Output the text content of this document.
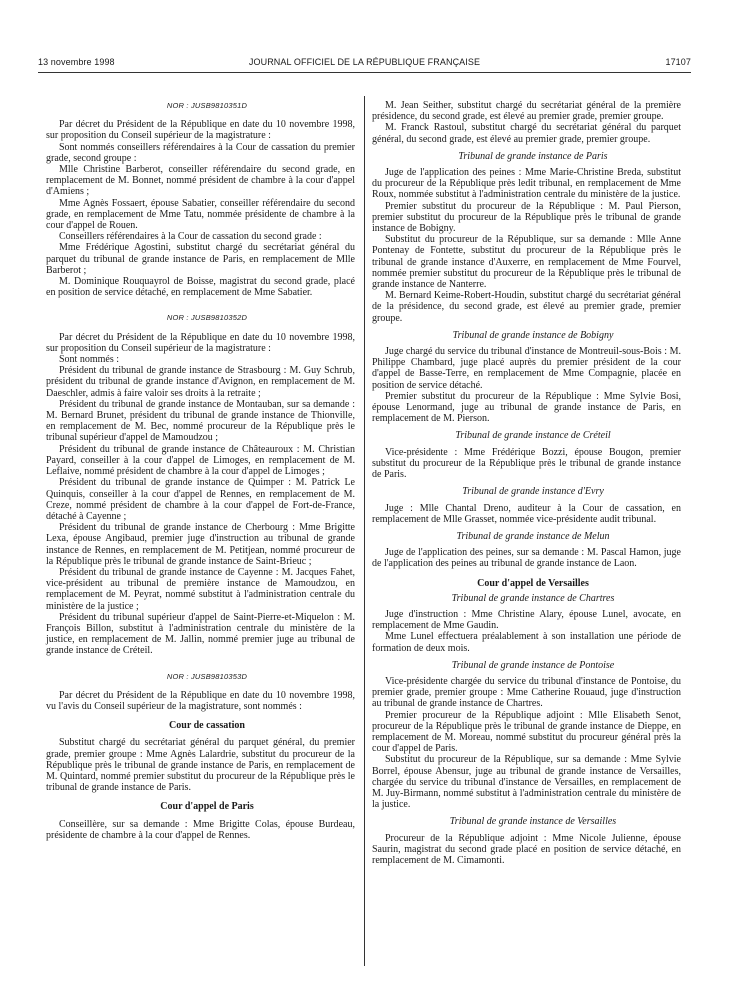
13 novembre 1998	JOURNAL OFFICIEL DE LA RÉPUBLIQUE FRANÇAISE	17107

NOR : JUSB9810351D

Par décret du Président de la République en date du 10 novembre 1998, sur proposition du Conseil supérieur de la magistrature :

Sont nommés conseillers référendaires à la Cour de cassation du premier grade, second groupe :

Mlle Christine Barberot, conseiller référendaire du second grade, en remplacement de M. Bonnet, nommé président de chambre à la cour d'appel d'Amiens ;

Mme Agnès Fossaert, épouse Sabatier, conseiller référendaire du second grade, en remplacement de Mme Tatu, nommée présidente de chambre à la cour d'appel de Rouen.

Conseillers référendaires à la Cour de cassation du second grade :

Mme Frédérique Agostini, substitut chargé du secrétariat général du parquet du tribunal de grande instance de Paris, en remplacement de Mlle Barberot ;

M. Dominique Rouquayrol de Boisse, magistrat du second grade, placé en position de service détaché, en remplacement de Mme Sabatier.

NOR : JUSB9810352D

Par décret du Président de la République en date du 10 novembre 1998, sur proposition du Conseil supérieur de la magistrature :

Sont nommés :

Président du tribunal de grande instance de Strasbourg : M. Guy Schrub, président du tribunal de grande instance d'Avignon, en remplacement de M. Daeschler, admis à faire valoir ses droits à la retraite ;

Président du tribunal de grande instance de Montauban, sur sa demande : M. Bernard Brunet, président du tribunal de grande instance de Thionville, en remplacement de M. Bec, nommé procureur de la République près le tribunal supérieur d'appel de Mamoudzou ;

Président du tribunal de grande instance de Châteauroux : M. Christian Payard, conseiller à la cour d'appel de Limoges, en remplacement de M. Leflaive, nommé président de chambre à la cour d'appel de Limoges ;

Président du tribunal de grande instance de Quimper : M. Patrick Le Quinquis, conseiller à la cour d'appel de Rennes, en remplacement de M. Creze, nommé président de chambre à la cour d'appel de Fort-de-France, détaché à Cayenne ;

Président du tribunal de grande instance de Cherbourg : Mme Brigitte Lexa, épouse Angibaud, premier juge d'instruction au tribunal de grande instance de Rennes, en remplacement de M. Petitjean, nommé procureur de la République près le tribunal de grande instance de Saint-Brieuc ;

Président du tribunal de grande instance de Cayenne : M. Jacques Fahet, vice-président au tribunal de première instance de Mamoudzou, en remplacement de M. Peyrat, nommé substitut à l'administration centrale du ministère de la justice ;

Président du tribunal supérieur d'appel de Saint-Pierre-et-Miquelon : M. François Billon, substitut à l'administration centrale du ministère de la justice, en remplacement de M. Jallin, nommé premier juge au tribunal de grande instance de Créteil.

NOR : JUSB9810353D

Par décret du Président de la République en date du 10 novembre 1998, vu l'avis du Conseil supérieur de la magistrature, sont nommés :

Cour de cassation

Substitut chargé du secrétariat général du parquet général, du premier grade, premier groupe : Mme Agnès Lalardrie, substitut du procureur de la République près le tribunal de grande instance de Paris, en remplacement de M. Quintard, nommé premier substitut du procureur de la République près le tribunal de grande instance de Paris.

Cour d'appel de Paris

Conseillère, sur sa demande : Mme Brigitte Colas, épouse Burdeau, présidente de chambre à la cour d'appel de Rennes.

M. Jean Seither, substitut chargé du secrétariat général de la première présidence, du second grade, est élevé au premier grade, premier groupe.

M. Franck Rastoul, substitut chargé du secrétariat général du parquet général, du second grade, est élevé au premier grade, premier groupe.

Tribunal de grande instance de Paris

Juge de l'application des peines : Mme Marie-Christine Breda, substitut du procureur de la République près ledit tribunal, en remplacement de Mme Roux, nommée substitut à l'administration centrale du ministère de la justice.

Premier substitut du procureur de la République : M. Paul Pierson, premier substitut du procureur de la République près le tribunal de grande instance de Bobigny.

Substitut du procureur de la République, sur sa demande : Mlle Anne Pontenay de Fontette, substitut du procureur de la République près le tribunal de grande instance d'Auxerre, en remplacement de Mme Fourvel, nommée premier substitut du procureur de la République près le tribunal de grande instance de Nanterre.

M. Bernard Keime-Robert-Houdin, substitut chargé du secrétariat général de la présidence, du second grade, est élevé au premier grade, premier groupe.

Tribunal de grande instance de Bobigny

Juge chargé du service du tribunal d'instance de Montreuil-sous-Bois : M. Philippe Chambard, juge placé auprès du premier président de la cour d'appel de Basse-Terre, en remplacement de Mme Compagnie, placée en position de service détaché.

Premier substitut du procureur de la République : Mme Sylvie Bosi, épouse Lenormand, juge au tribunal de grande instance de Paris, en remplacement de M. Pierson.

Tribunal de grande instance de Créteil

Vice-présidente : Mme Frédérique Bozzi, épouse Bougon, premier substitut du procureur de la République près le tribunal de grande instance de Paris.

Tribunal de grande instance d'Evry

Juge : Mlle Chantal Dreno, auditeur à la Cour de cassation, en remplacement de Mlle Grasset, nommée vice-présidente audit tribunal.

Tribunal de grande instance de Melun

Juge de l'application des peines, sur sa demande : M. Pascal Hamon, juge de l'application des peines au tribunal de grande instance de Laon.

Cour d'appel de Versailles

Tribunal de grande instance de Chartres

Juge d'instruction : Mme Christine Alary, épouse Lunel, avocate, en remplacement de Mme Gaudin.

Mme Lunel effectuera préalablement à son installation une période de formation de deux mois.

Tribunal de grande instance de Pontoise

Vice-présidente chargée du service du tribunal d'instance de Pontoise, du premier grade, premier groupe : Mme Catherine Rouaud, juge d'instruction au tribunal de grande instance de Chartres.

Premier procureur de la République adjoint : Mlle Elisabeth Senot, procureur de la République près le tribunal de grande instance de Dieppe, en remplacement de M. Moreau, nommé substitut du procureur général près la cour d'appel de Paris.

Substitut du procureur de la République, sur sa demande : Mme Sylvie Borrel, épouse Abensur, juge au tribunal de grande instance de Versailles, chargée du service du tribunal d'instance de Versailles, en remplacement de M. Juy-Birmann, nommé substitut à l'administration centrale du ministère de la justice.

Tribunal de grande instance de Versailles

Procureur de la République adjoint : Mme Nicole Julienne, épouse Saurin, magistrat du second grade placé en position de service détaché, en remplacement de M. Cimamonti.
